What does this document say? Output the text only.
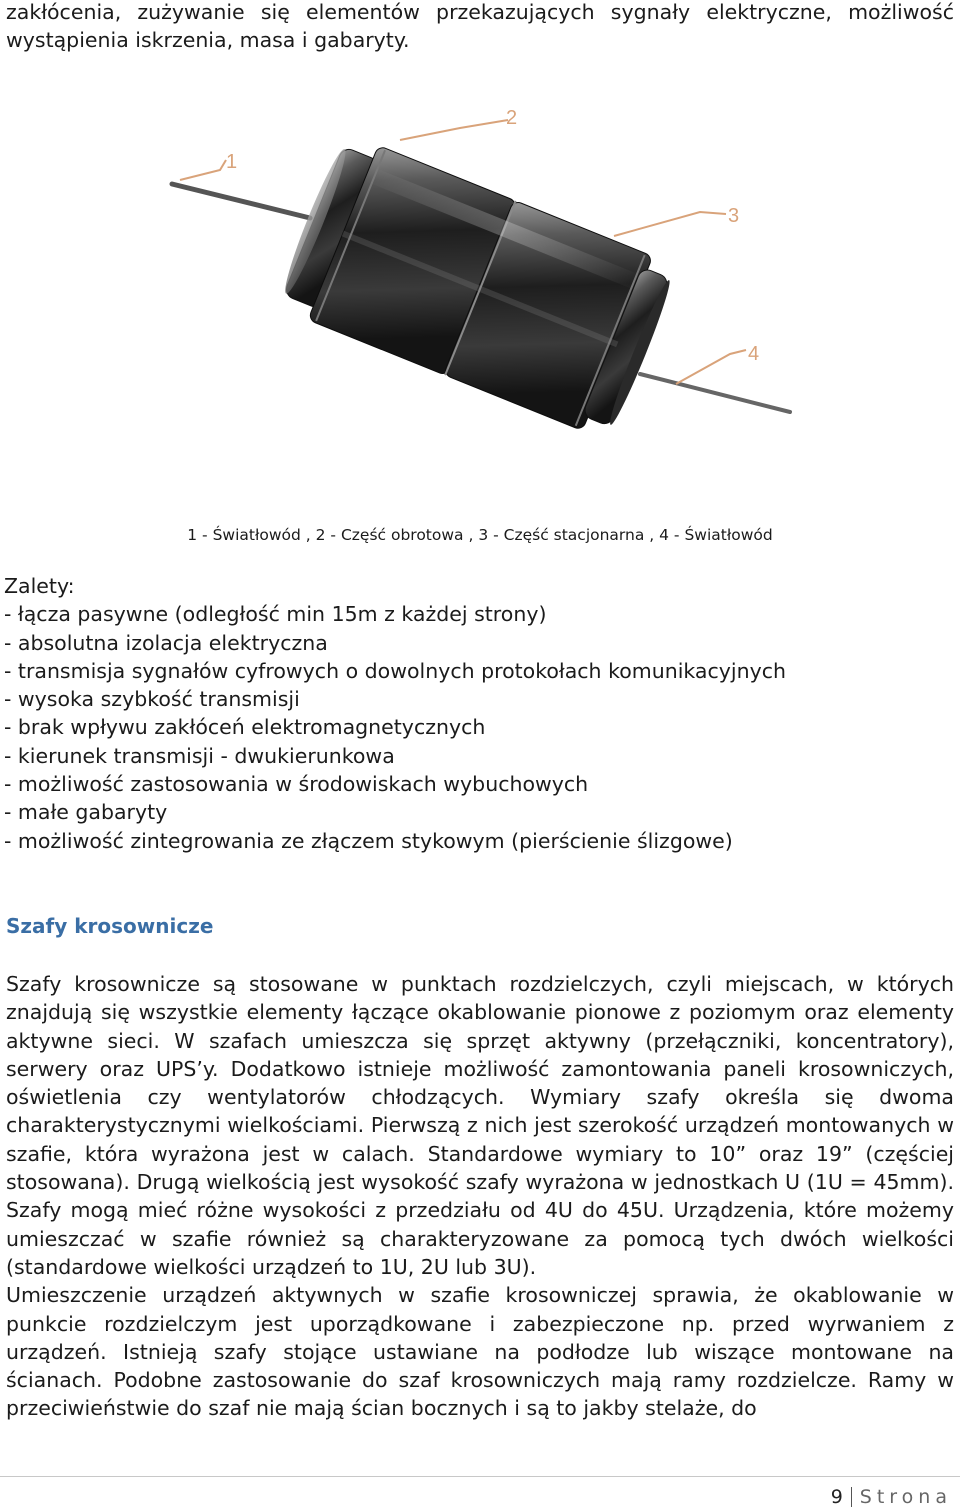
zakłócenia, zużywanie się elementów przekazujących sygnały elektryczne, możliwość wystąpienia iskrzenia, masa i gabaryty.

1
2
3
4

1 - Światłowód , 2 - Część obrotowa , 3 - Część stacjonarna , 4 - Światłowód

Zalety:
- łącza pasywne (odległość min 15m z każdej strony)
- absolutna izolacja elektryczna
- transmisja sygnałów cyfrowych o dowolnych protokołach komunikacyjnych
- wysoka szybkość transmisji
- brak wpływu zakłóceń elektromagnetycznych
- kierunek transmisji - dwukierunkowa
- możliwość zastosowania w środowiskach wybuchowych
- małe gabaryty
- możliwość zintegrowania ze złączem stykowym (pierścienie ślizgowe)
Szafy krosownicze

Szafy krosownicze są stosowane w punktach rozdzielczych, czyli miejscach, w których znajdują się wszystkie elementy łączące okablowanie pionowe z poziomym oraz elementy aktywne sieci. W szafach umieszcza się sprzęt aktywny (przełączniki, koncentratory), serwery oraz UPS’y. Dodatkowo istnieje możliwość zamontowania paneli krosowniczych, oświetlenia czy wentylatorów chłodzących. Wymiary szafy określa się dwoma charakterystycznymi wielkościami. Pierwszą z nich jest szerokość urządzeń montowanych w szafie, która wyrażona jest w calach. Standardowe wymiary to 10” oraz 19” (częściej stosowana). Drugą wielkością jest wysokość szafy wyrażona w jednostkach U (1U = 45mm). Szafy mogą mieć różne wysokości z przedziału od 4U do 45U. Urządzenia, które możemy umieszczać w szafie również są charakteryzowane za pomocą tych dwóch wielkości (standardowe wielkości urządzeń to 1U, 2U lub 3U).

Umieszczenie urządzeń aktywnych w szafie krosowniczej sprawia, że okablowanie w punkcie rozdzielczym jest uporządkowane i zabezpieczone np. przed wyrwaniem z urządzeń. Istnieją szafy stojące ustawiane na podłodze lub wiszące montowane na ścianach. Podobne zastosowanie do szaf krosowniczych mają ramy rozdzielcze. Ramy w przeciwieństwie do szaf nie mają ścian bocznych i są to jakby stelaże, do

9 Strona
